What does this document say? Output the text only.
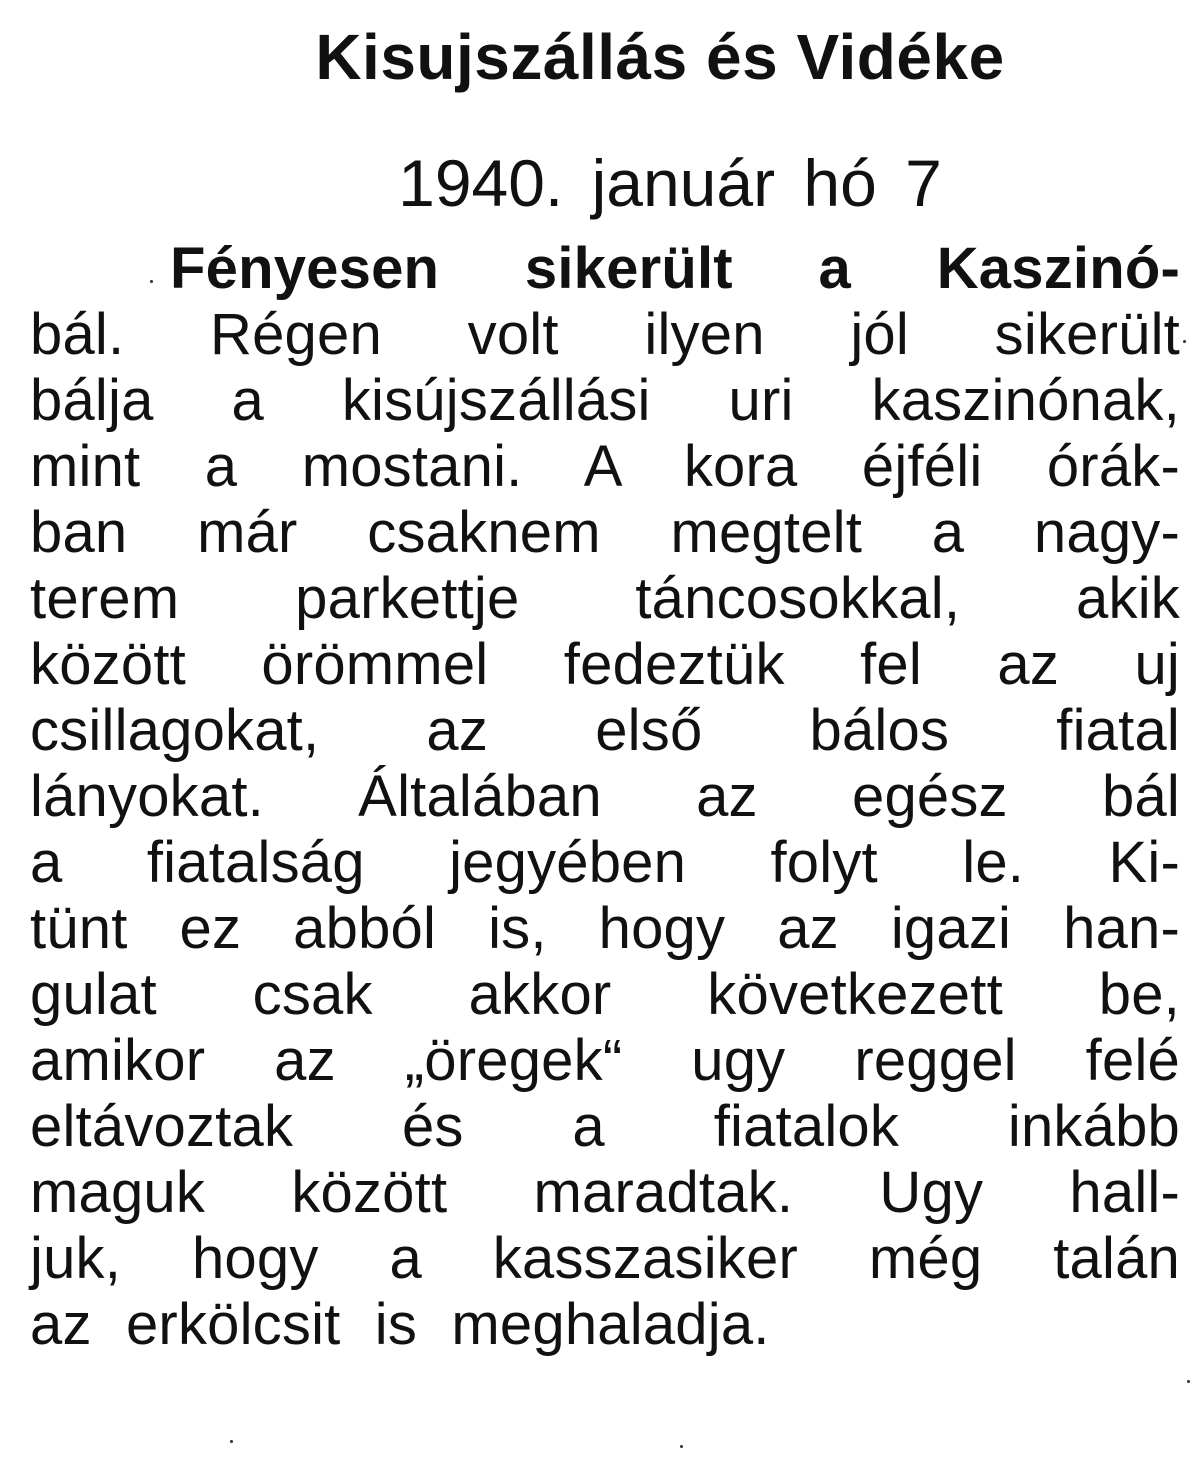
Kisujszállás és Vidéke
1940. január hó 7
Fényesen sikerült a Kaszinó-
bál. Régen volt ilyen jól sikerült
bálja a kisújszállási uri kaszinónak,
mint a mostani. A kora éjféli órák-
ban már csaknem megtelt a nagy-
terem parkettje táncosokkal, akik
között örömmel fedeztük fel az uj
csillagokat, az első bálos fiatal
lányokat. Általában az egész bál
a fiatalság jegyében folyt le. Ki-
tünt ez abból is, hogy az igazi han-
gulat csak akkor következett be,
amikor az „öregek“ ugy reggel felé
eltávoztak és a fiatalok inkább
maguk között maradtak. Ugy hall-
juk, hogy a kasszasiker még talán
az erkölcsit is meghaladja.
